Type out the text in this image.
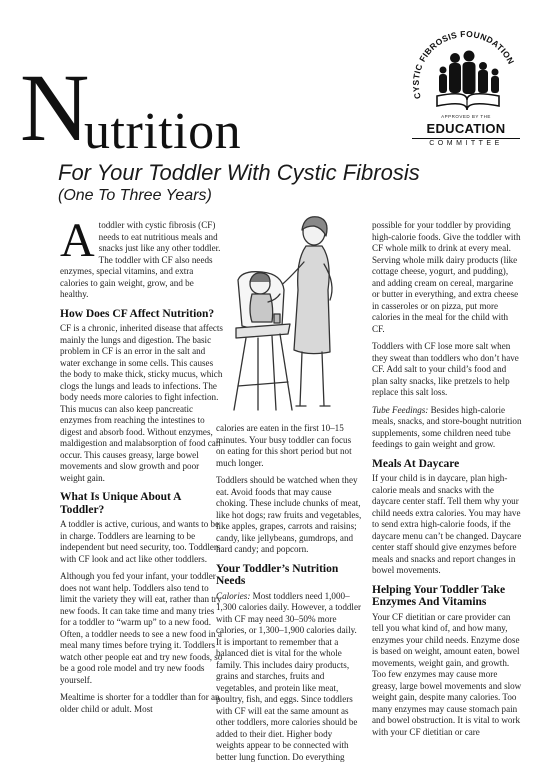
CYSTIC FIBROSIS FOUNDATION
APPROVED BY THE
EDUCATION
COMMITTEE
N
utrition
For Your Toddler With Cystic Fibrosis
(One To Three Years)

Atoddler with cystic fibrosis (CF) needs to eat nutritious meals and snacks just like any other toddler. The toddler with CF also needs enzymes, special vitamins, and extra calories to gain weight, grow, and be healthy.

How Does CF Affect Nutrition?

CF is a chronic, inherited disease that affects mainly the lungs and digestion. The basic problem in CF is an error in the salt and water exchange in some cells. This causes the body to make thick, sticky mucus, which clogs the lungs and leads to infections. The body needs more calories to fight infection. This mucus can also keep pancreatic enzymes from reaching the intestines to digest and absorb food. Without enzymes, maldigestion and malabsorption of food can occur. This causes greasy, large bowel movements and slow growth and poor weight gain.

What Is Unique About A Toddler?

A toddler is active, curious, and wants to be in charge. Toddlers are learning to be independent but need security, too. Toddlers with CF look and act like other toddlers.

Although you fed your infant, your toddler does not want help. Toddlers also tend to limit the variety they will eat, rather than try new foods. It can take time and many tries for a toddler to “warm up” to a new food. Often, a toddler needs to see a new food in a meal many times before trying it. Toddlers watch other people eat and try new foods, so be a good role model and try new foods yourself.

Mealtime is shorter for a toddler than for an older child or adult. Most

calories are eaten in the first 10–15 minutes. Your busy toddler can focus on eating for this short period but not much longer.

Toddlers should be watched when they eat. Avoid foods that may cause choking. These include chunks of meat, like hot dogs; raw fruits and vegetables, like apples, grapes, carrots and raisins; candy, like jellybeans, gumdrops, and hard candy; and popcorn.

Your Toddler’s Nutrition Needs

Calories: Most toddlers need 1,000–1,300 calories daily. However, a toddler with CF may need 30–50% more calories, or 1,300–1,900 calories daily. It is important to remember that a balanced diet is vital for the whole family. This includes dairy products, grains and starches, fruits and vegetables, and protein like meat, poultry, fish, and eggs. Since toddlers with CF will eat the same amount as other toddlers, more calories should be added to their diet. Higher body weights appear to be connected with better lung function. Do everything

possible for your toddler by providing high-calorie foods. Give the toddler with CF whole milk to drink at every meal. Serving whole milk dairy products (like cottage cheese, yogurt, and pudding), and adding cream on cereal, margarine or butter in everything, and extra cheese in casseroles or on pizza, put more calories in the meal for the child with CF.

Toddlers with CF lose more salt when they sweat than toddlers who don’t have CF. Add salt to your child’s food and plan salty snacks, like pretzels to help replace this salt loss.

Tube Feedings: Besides high-calorie meals, snacks, and store-bought nutrition supplements, some children need tube feedings to gain weight and grow.

Meals At Daycare

If your child is in daycare, plan high-calorie meals and snacks with the daycare center staff. Tell them why your child needs extra calories. You may have to send extra high-calorie foods, if the daycare menu can’t be changed. Daycare center staff should give enzymes before meals and snacks and report changes in bowel movements.

Helping Your Toddler Take Enzymes And Vitamins

Your CF dietitian or care provider can tell you what kind of, and how many, enzymes your child needs. Enzyme dose is based on weight, amount eaten, bowel movements, weight gain, and growth. Too few enzymes may cause more greasy, large bowel movements and slow weight gain, despite many calories. Too many enzymes may cause stomach pain and bowel obstruction. It is vital to work with your CF dietitian or care
